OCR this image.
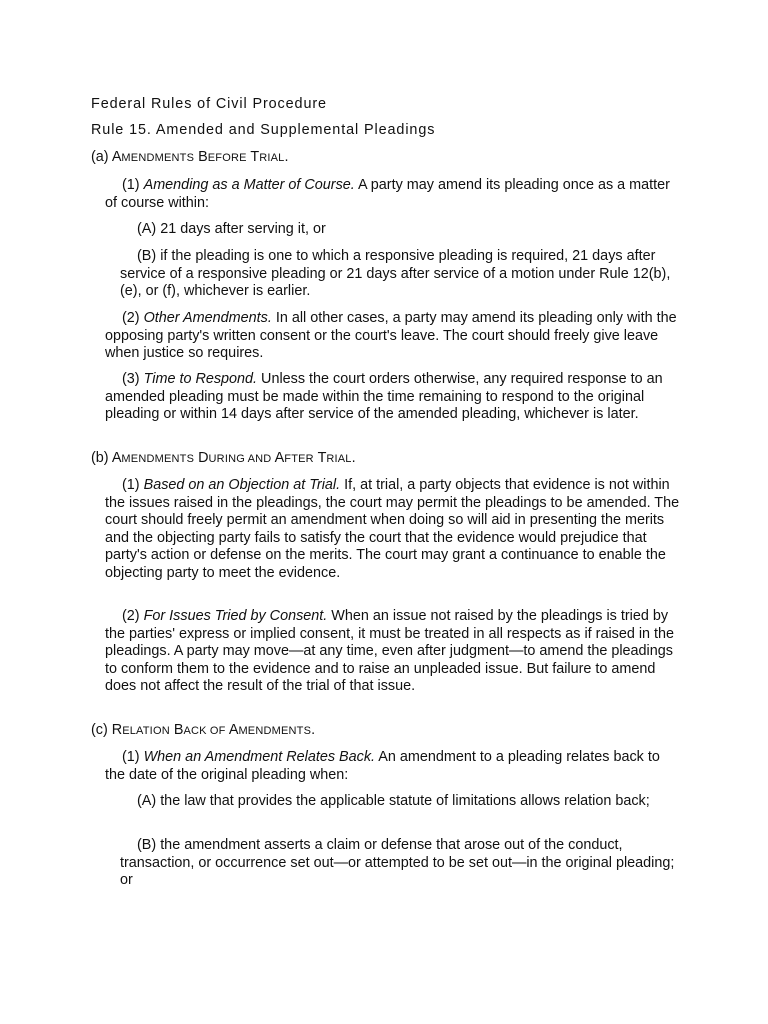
Federal Rules of Civil Procedure
Rule 15. Amended and Supplemental Pleadings
(a) AMENDMENTS BEFORE TRIAL.

(1) Amending as a Matter of Course. A party may amend its pleading once as a matter of course within:

(A) 21 days after serving it, or

(B) if the pleading is one to which a responsive pleading is required, 21 days after service of a responsive pleading or 21 days after service of a motion under Rule 12(b), (e), or (f), whichever is earlier.

(2) Other Amendments. In all other cases, a party may amend its pleading only with the opposing party's written consent or the court's leave. The court should freely give leave when justice so requires.

(3) Time to Respond. Unless the court orders otherwise, any required response to an amended pleading must be made within the time remaining to respond to the original pleading or within 14 days after service of the amended pleading, whichever is later.

(b) AMENDMENTS DURING AND AFTER TRIAL.

(1) Based on an Objection at Trial. If, at trial, a party objects that evidence is not within the issues raised in the pleadings, the court may permit the pleadings to be amended. The court should freely permit an amendment when doing so will aid in presenting the merits and the objecting party fails to satisfy the court that the evidence would prejudice that party's action or defense on the merits. The court may grant a continuance to enable the objecting party to meet the evidence.

(2) For Issues Tried by Consent. When an issue not raised by the pleadings is tried by the parties' express or implied consent, it must be treated in all respects as if raised in the pleadings. A party may move—at any time, even after judgment—to amend the pleadings to conform them to the evidence and to raise an unpleaded issue. But failure to amend does not affect the result of the trial of that issue.

(c) RELATION BACK OF AMENDMENTS.

(1) When an Amendment Relates Back. An amendment to a pleading relates back to the date of the original pleading when:

(A) the law that provides the applicable statute of limitations allows relation back;

(B) the amendment asserts a claim or defense that arose out of the conduct, transaction, or occurrence set out—or attempted to be set out—in the original pleading; or
